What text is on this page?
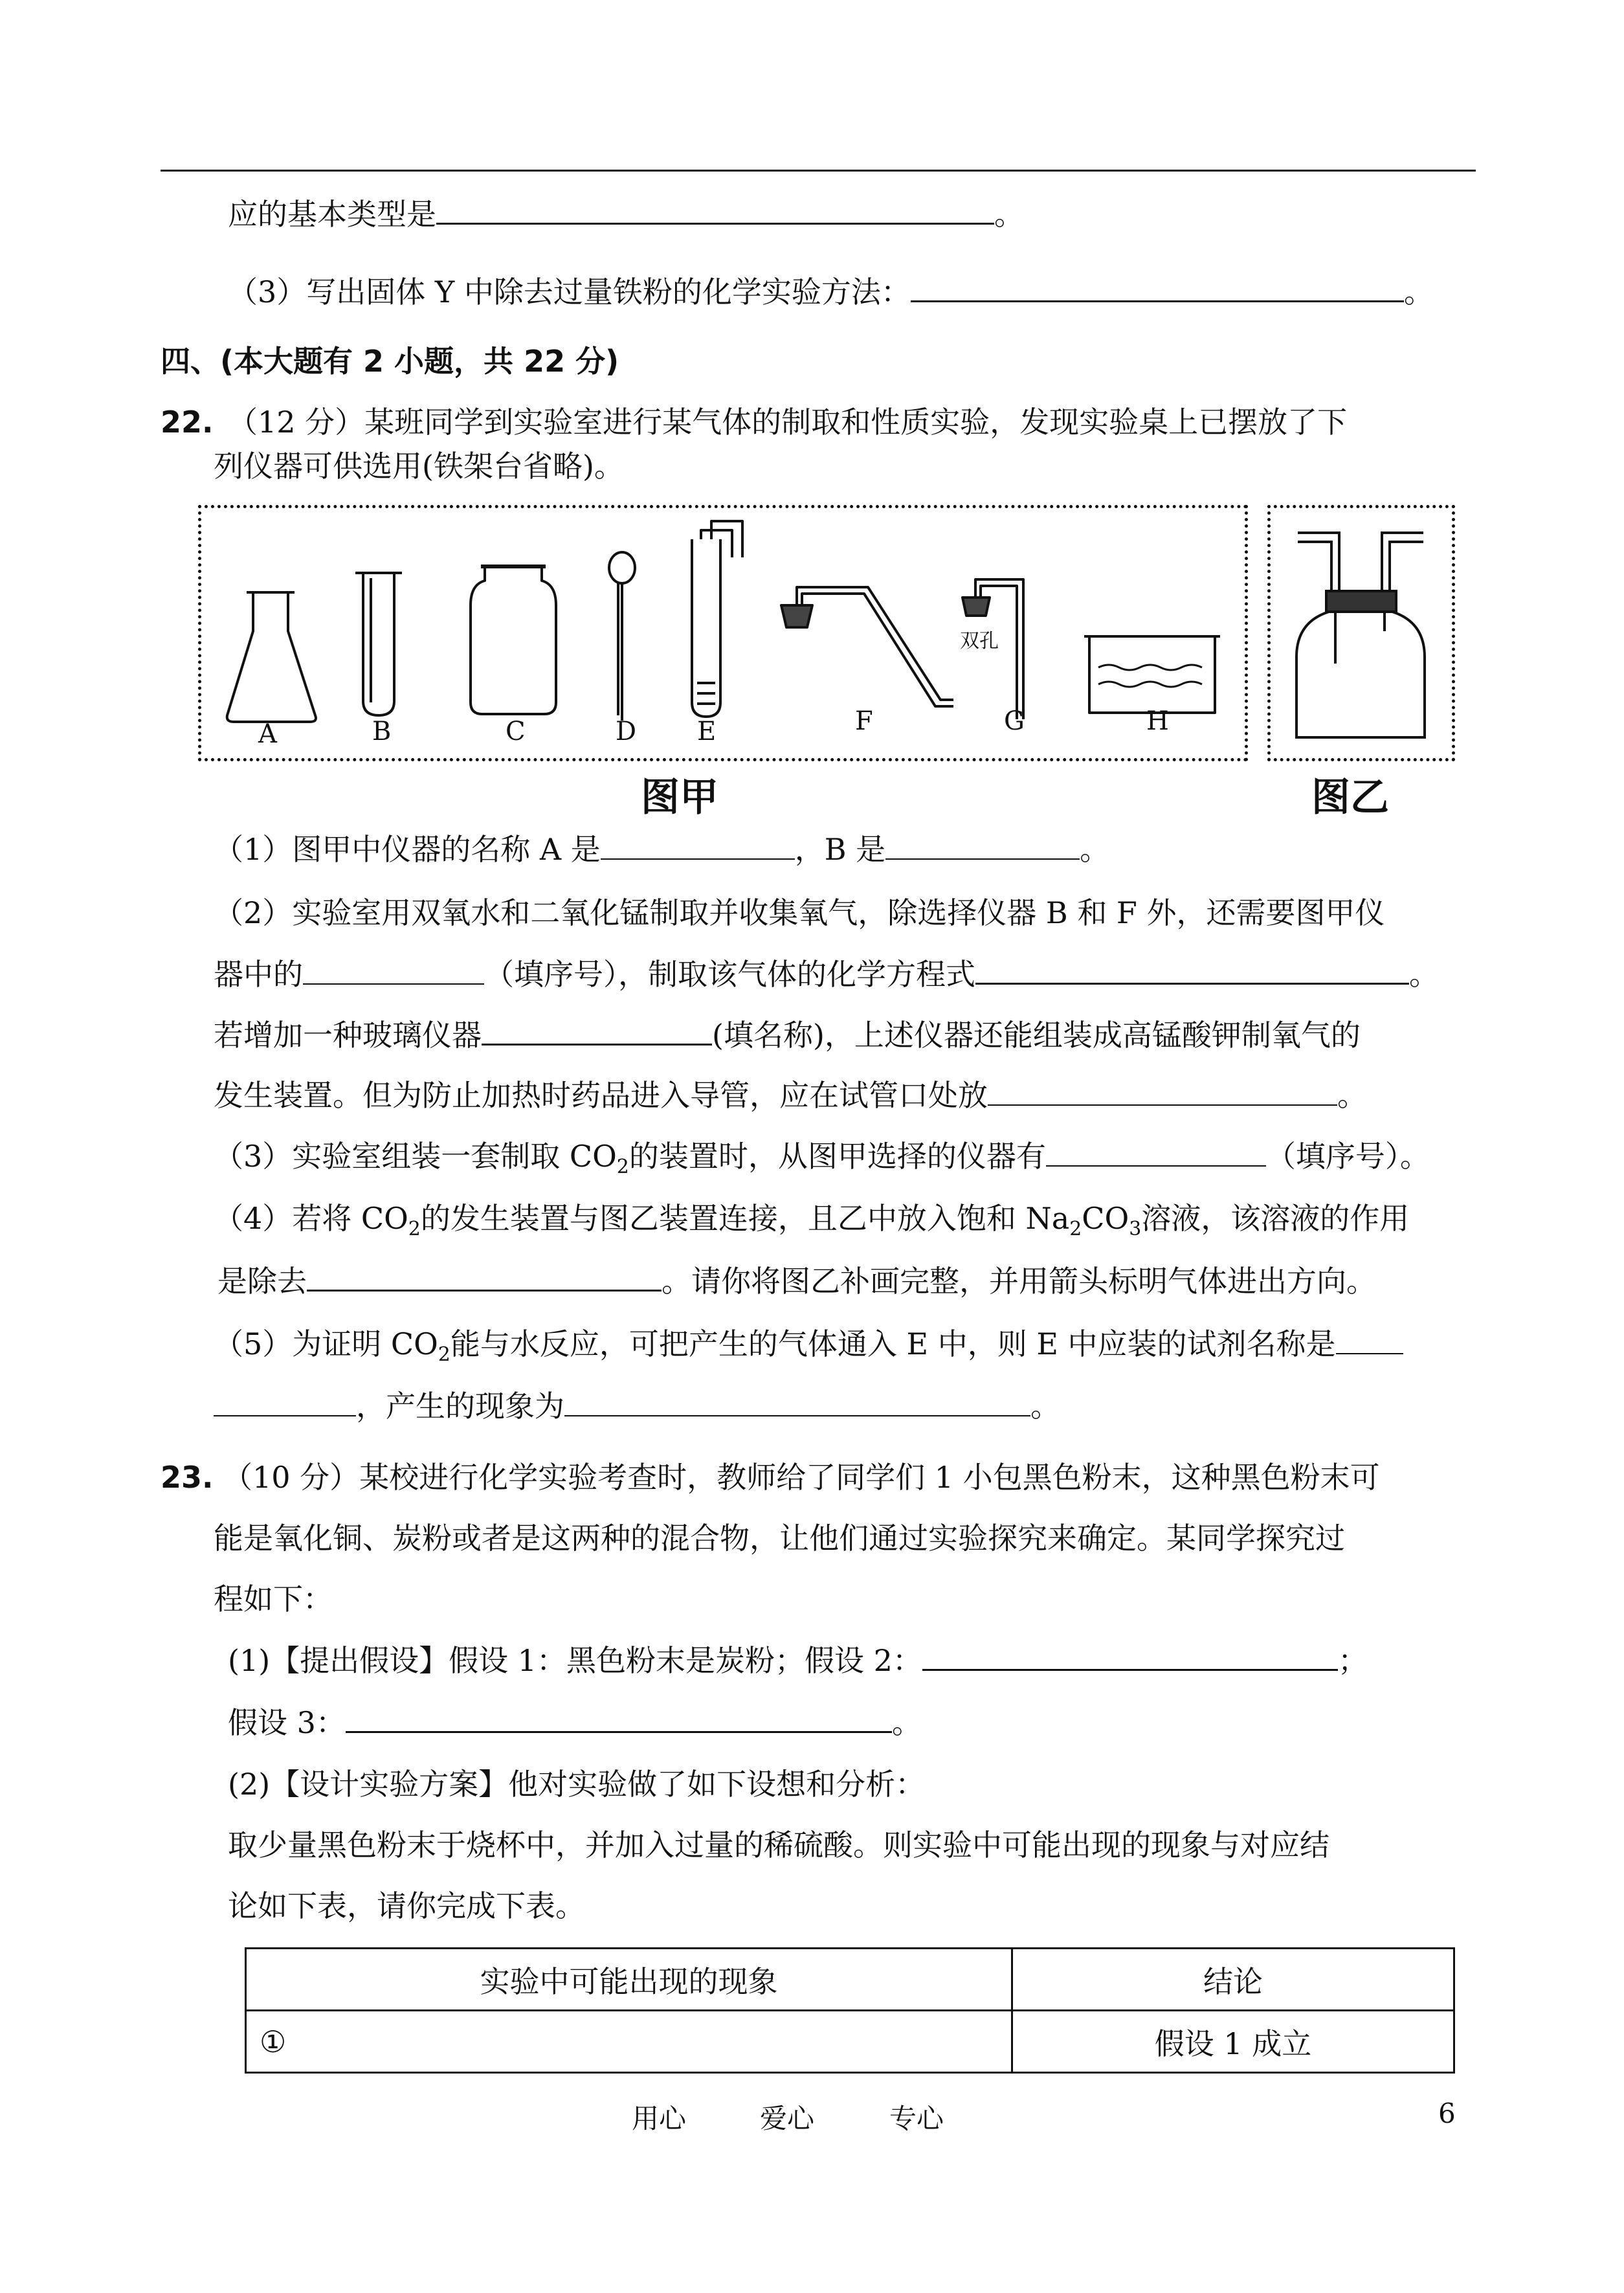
应的基本类型是	。
（3）写出固体 Y 中除去过量铁粉的化学实验方法：	。
四、(本大题有 2 小题，共 22 分)
22. （12 分）某班同学到实验室进行某气体的制取和性质实验，发现实验桌上已摆放了下
列仪器可供选用(铁架台省略)。
A	B	C	D E	F	G
双孔
H
图甲	图乙
（1）图甲中仪器的名称 A 是	，B 是	。
（2）实验室用双氧水和二氧化锰制取并收集氧气，除选择仪器 B 和 F 外，还需要图甲仪
器中的	（填序号），制取该气体的化学方程式	。
若增加一种玻璃仪器	(填名称)，上述仪器还能组装成高锰酸钾制氧气的
发生装置。但为防止加热时药品进入导管，应在试管口处放	。
（3）实验室组装一套制取 $CO_2$的装置时，从图甲选择的仪器有	（填序号）。
（4）若将 $CO_2$的发生装置与图乙装置连接，且乙中放入饱和 $Na_2CO_3$溶液，该溶液的作用
是除去	。请你将图乙补画完整，并用箭头标明气体进出方向。
（5）为证明 $CO_2$能与水反应，可把产生的气体通入 E 中，则 E 中应装的试剂名称是
，产生的现象为	。
23. （10 分）某校进行化学实验考查时，教师给了同学们 1 小包黑色粉末，这种黑色粉末可
能是氧化铜、炭粉或者是这两种的混合物，让他们通过实验探究来确定。某同学探究过
程如下：
(1)【提出假设】假设 1：黑色粉末是炭粉；假设 2：	；
假设 3：	。
(2)【设计实验方案】他对实验做了如下设想和分析：
取少量黑色粉末于烧杯中，并加入过量的稀硫酸。则实验中可能出现的现象与对应结
论如下表，请你完成下表。
实验中可能出现的现象	结论
①	假设 1 成立
用心	爱心	专心	6
